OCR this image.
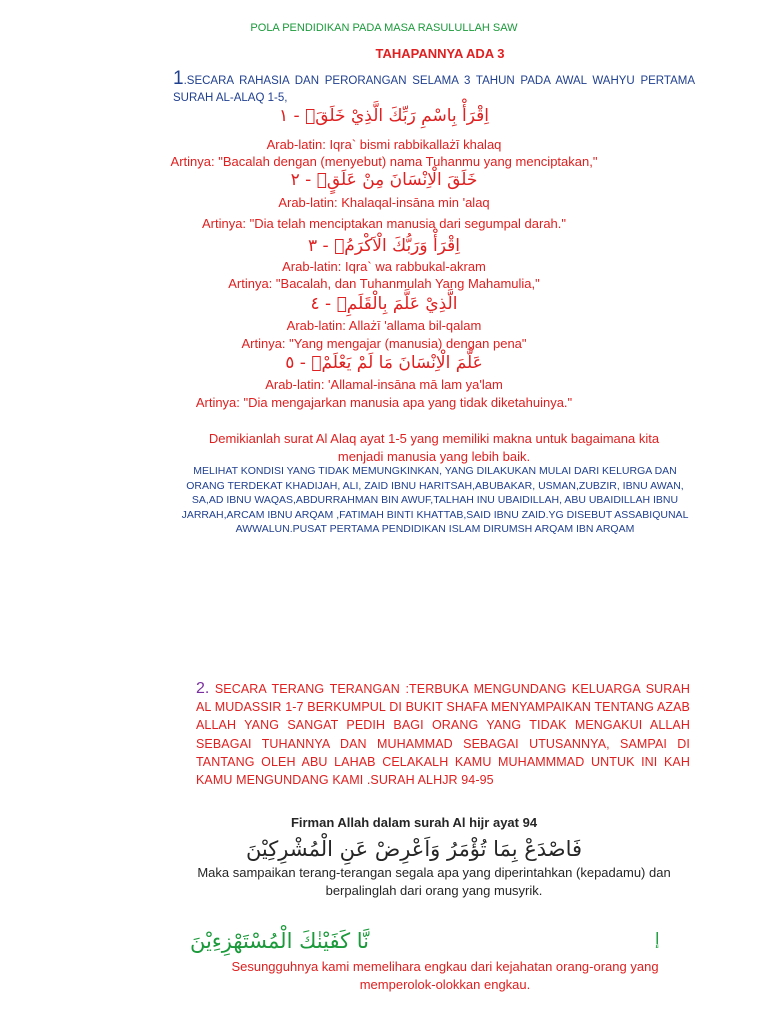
POLA PENDIDIKAN PADA MASA RASULULLAH SAW
TAHAPANNYA ADA 3
1.SECARA RAHASIA DAN PERORANGAN SELAMA 3 TAHUN PADA AWAL WAHYU PERTAMA SURAH AL-ALAQ 1-5,
اِقْرَأْ بِاسْمِ رَبِّكَ الَّذِيْ خَلَقَۚ - ١
Arab-latin: Iqra` bismi rabbikallażī khalaq
Artinya: "Bacalah dengan (menyebut) nama Tuhanmu yang menciptakan,"
خَلَقَ الْاِنْسَانَ مِنْ عَلَقٍۚ - ٢
Arab-latin: Khalaqal-insāna min 'alaq
Artinya: "Dia telah menciptakan manusia dari segumpal darah."
اِقْرَأْ وَرَبُّكَ الْاَكْرَمُۙ - ٣
Arab-latin: Iqra` wa rabbukal-akram
Artinya: "Bacalah, dan Tuhanmulah Yang Mahamulia,"
الَّذِيْ عَلَّمَ بِالْقَلَمِۙ - ٤
Arab-latin: Allażī 'allama bil-qalam
Artinya: "Yang mengajar (manusia) dengan pena"
عَلَّمَ الْاِنْسَانَ مَا لَمْ يَعْلَمْۗ - ٥
Arab-latin: 'Allamal-insāna mā lam ya'lam
Artinya: "Dia mengajarkan manusia apa yang tidak diketahuinya."
Demikianlah surat Al Alaq ayat 1-5 yang memiliki makna untuk bagaimana kita menjadi manusia yang lebih baik.
MELIHAT KONDISI YANG TIDAK MEMUNGKINKAN, YANG DILAKUKAN MULAI DARI KELURGA DAN ORANG TERDEKAT KHADIJAH, ALI, ZAID IBNU HARITSAH,ABUBAKAR, USMAN,ZUBZIR, IBNU AWAN, SA,AD IBNU WAQAS,ABDURRAHMAN BIN AWUF,TALHAH INU UBAIDILLAH, ABU UBAIDILLAH IBNU JARRAH,ARCAM IBNU ARQAM ,FATIMAH BINTI KHATTAB,SAID IBNU ZAID.YG DISEBUT ASSABIQUNAL AWWALUN.PUSAT PERTAMA PENDIDIKAN ISLAM DIRUMSH ARQAM IBN ARQAM
2. SECARA TERANG TERANGAN :TERBUKA MENGUNDANG KELUARGA SURAH AL MUDASSIR 1-7 BERKUMPUL DI BUKIT SHAFA MENYAMPAIKAN TENTANG AZAB ALLAH YANG SANGAT PEDIH BAGI ORANG YANG TIDAK MENGAKUI ALLAH SEBAGAI TUHANNYA DAN MUHAMMAD SEBAGAI UTUSANNYA, SAMPAI DI TANTANG OLEH ABU LAHAB CELAKALH KAMU MUHAMMMAD UNTUK INI KAH KAMU MENGUNDANG KAMI .SURAH ALHJR 94-95
Firman Allah dalam surah Al hijr ayat 94
فَاصْدَعْ بِمَا تُؤْمَرُ وَاَعْرِضْ عَنِ الْمُشْرِكِيْنَ
Maka sampaikan terang-terangan segala apa yang diperintahkan (kepadamu) dan berpalinglah dari orang yang musyrik.
نَّا كَفَيْنٰكَ الْمُسْتَهْزِءِيْنَ	إ
Sesungguhnya kami memelihara engkau dari kejahatan orang-orang yang memperolok-olokkan engkau.
